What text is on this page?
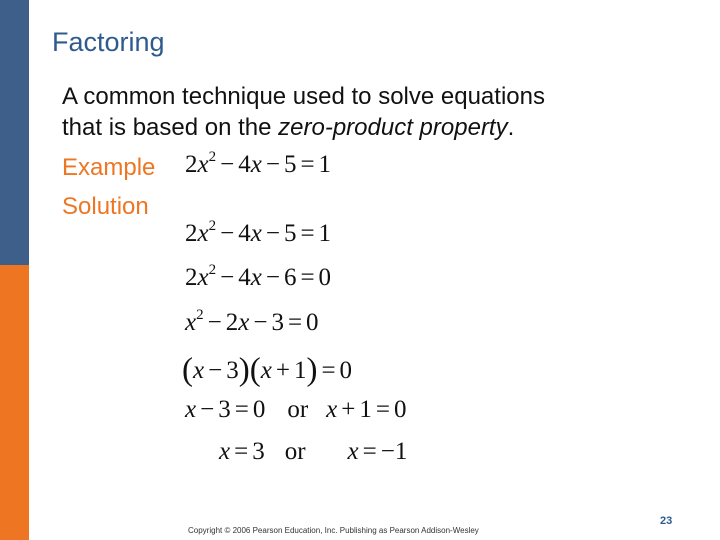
Factoring
A common technique used to solve equations
that is based on the zero-product property.
Example
Solution
$2x^2 - 4x - 5 = 1$
$2x^2 - 4x - 5 = 1$
$2x^2 - 4x - 6 = 0$
$x^2 - 2x - 3 = 0$
(x − 3)(x + 1) = 0
x − 3 = 0 or x + 1 = 0
x = 3 or x = −1
Copyright © 2006 Pearson Education, Inc. Publishing as Pearson Addison-Wesley
23
